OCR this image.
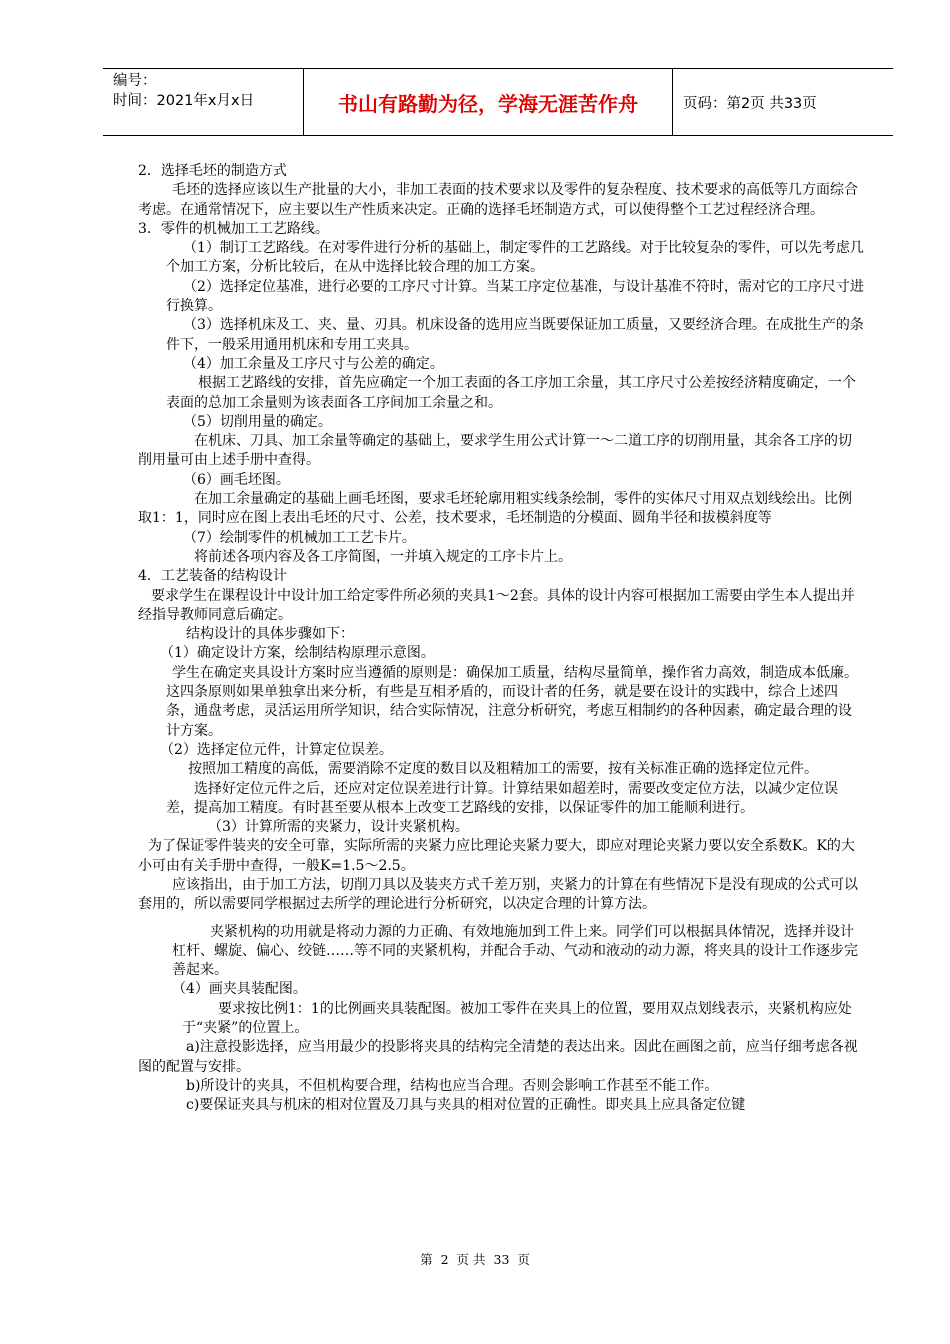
编号：
时间：2021年x月x日	书山有路勤为径，学海无涯苦作舟	页码：第2页 共33页

2．选择毛坯的制造方式

毛坯的选择应该以生产批量的大小，非加工表面的技术要求以及零件的复杂程度、技术要求的高低等几方面综合考虑。在通常情况下，应主要以生产性质来决定。正确的选择毛坯制造方式，可以使得整个工艺过程经济合理。

3．零件的机械加工工艺路线。

（1）制订工艺路线。在对零件进行分析的基础上，制定零件的工艺路线。对于比较复杂的零件，可以先考虑几个加工方案，分析比较后，在从中选择比较合理的加工方案。

（2）选择定位基准，进行必要的工序尺寸计算。当某工序定位基准，与设计基准不符时，需对它的工序尺寸进行换算。

（3）选择机床及工、夹、量、刃具。机床设备的选用应当既要保证加工质量，又要经济合理。在成批生产的条件下，一般采用通用机床和专用工夹具。

（4）加工余量及工序尺寸与公差的确定。

根据工艺路线的安排，首先应确定一个加工表面的各工序加工余量，其工序尺寸公差按经济精度确定，一个表面的总加工余量则为该表面各工序间加工余量之和。

（5）切削用量的确定。

在机床、刀具、加工余量等确定的基础上，要求学生用公式计算一～二道工序的切削用量，其余各工序的切削用量可由上述手册中查得。

（6）画毛坯图。

在加工余量确定的基础上画毛坯图，要求毛坯轮廓用粗实线条绘制，零件的实体尺寸用双点划线绘出。比例取1：1，同时应在图上表出毛坯的尺寸、公差，技术要求，毛坯制造的分模面、圆角半径和拔模斜度等

（7）绘制零件的机械加工工艺卡片。

将前述各项内容及各工序简图，一并填入规定的工序卡片上。

4．工艺装备的结构设计

要求学生在课程设计中设计加工给定零件所必须的夹具1～2套。具体的设计内容可根据加工需要由学生本人提出并经指导教师同意后确定。

结构设计的具体步骤如下：

（1）确定设计方案，绘制结构原理示意图。

学生在确定夹具设计方案时应当遵循的原则是：确保加工质量，结构尽量简单，操作省力高效，制造成本低廉。这四条原则如果单独拿出来分析，有些是互相矛盾的，而设计者的任务，就是要在设计的实践中，综合上述四条，通盘考虑，灵活运用所学知识，结合实际情况，注意分析研究，考虑互相制约的各种因素，确定最合理的设计方案。

（2）选择定位元件，计算定位误差。

按照加工精度的高低，需要消除不定度的数目以及粗精加工的需要，按有关标准正确的选择定位元件。

选择好定位元件之后，还应对定位误差进行计算。计算结果如超差时，需要改变定位方法，以减少定位误差，提高加工精度。有时甚至要从根本上改变工艺路线的安排，以保证零件的加工能顺利进行。

（3）计算所需的夹紧力，设计夹紧机构。

为了保证零件装夹的安全可靠，实际所需的夹紧力应比理论夹紧力要大，即应对理论夹紧力要以安全系数K。K的大小可由有关手册中查得，一般K=1.5～2.5。

应该指出，由于加工方法，切削刀具以及装夹方式千差万别，夹紧力的计算在有些情况下是没有现成的公式可以套用的，所以需要同学根据过去所学的理论进行分析研究，以决定合理的计算方法。

夹紧机构的功用就是将动力源的力正确、有效地施加到工件上来。同学们可以根据具体情况，选择并设计杠杆、螺旋、偏心、绞链……等不同的夹紧机构，并配合手动、气动和液动的动力源，将夹具的设计工作逐步完善起来。

（4）画夹具装配图。

要求按比例1：1的比例画夹具装配图。被加工零件在夹具上的位置，要用双点划线表示，夹紧机构应处于“夹紧”的位置上。

a)注意投影选择，应当用最少的投影将夹具的结构完全清楚的表达出来。因此在画图之前，应当仔细考虑各视图的配置与安排。

b)所设计的夹具，不但机构要合理，结构也应当合理。否则会影响工作甚至不能工作。

c)要保证夹具与机床的相对位置及刀具与夹具的相对位置的正确性。即夹具上应具备定位键

第 2 页 共 33 页
